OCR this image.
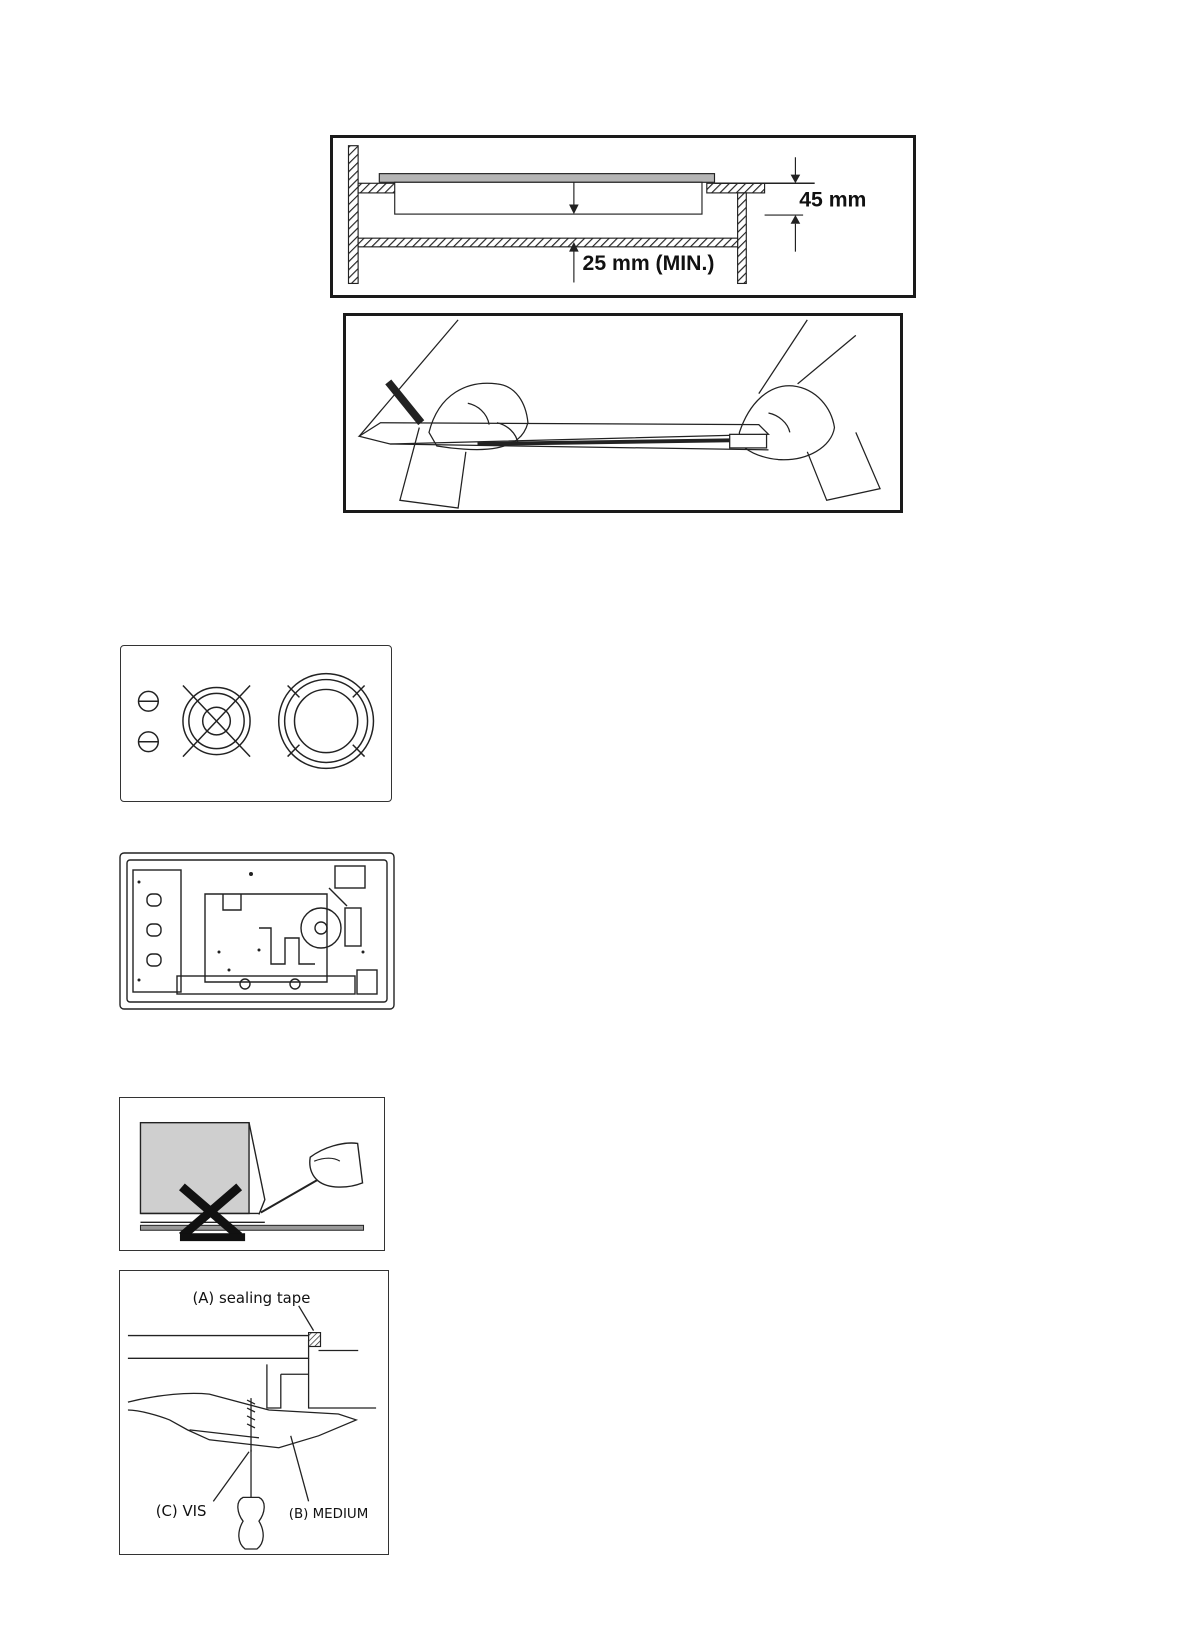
45 mm
25 mm (MIN.)
(A) sealing tape
(C) VIS	(B) MEDIUM
